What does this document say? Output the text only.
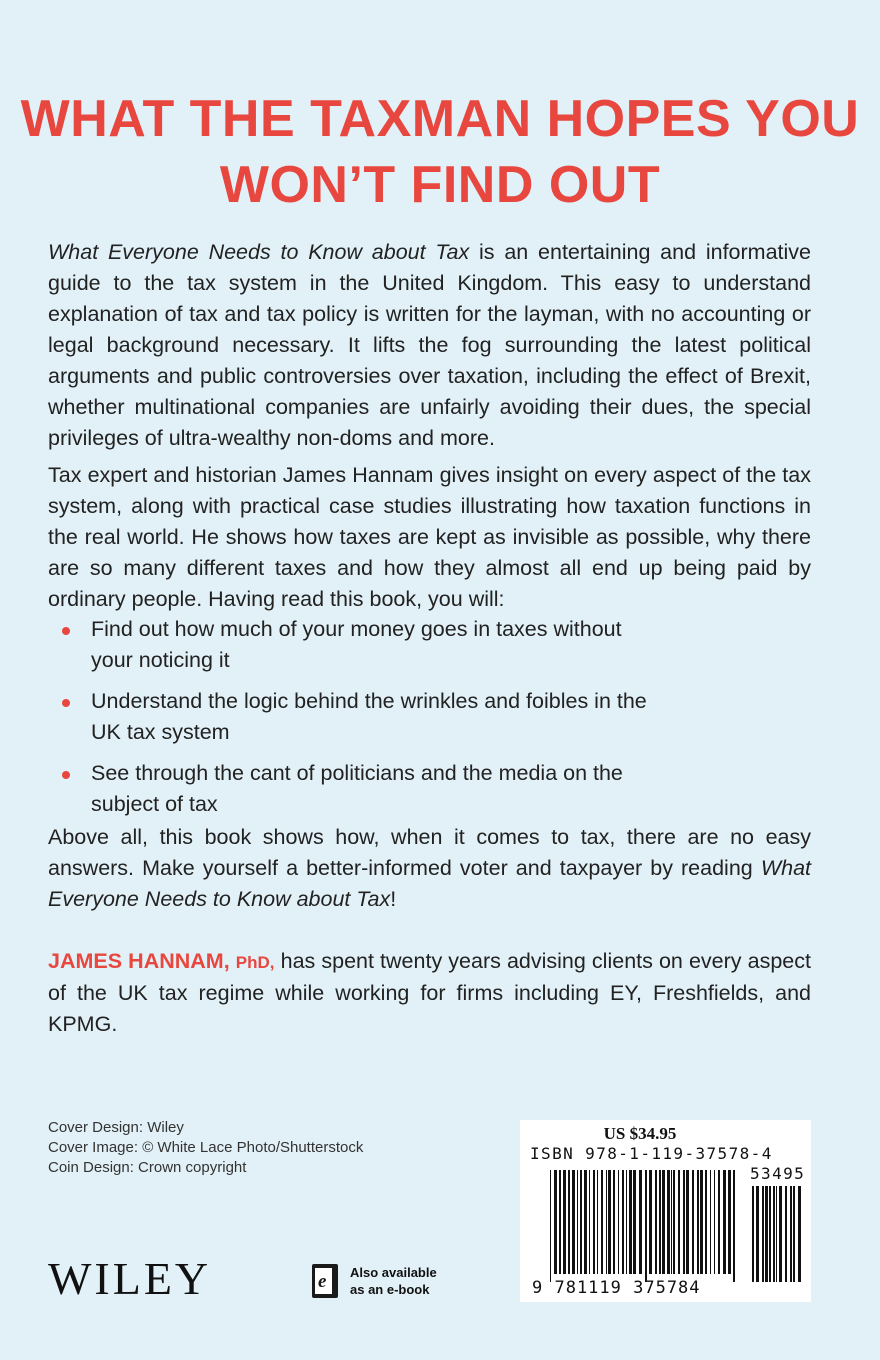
WHAT THE TAXMAN HOPES YOU
WON’T FIND OUT
What Everyone Needs to Know about Tax is an entertaining and informative guide to the tax system in the United Kingdom. This easy to understand explanation of tax and tax policy is written for the layman, with no accounting or legal background necessary. It lifts the fog surrounding the latest political arguments and public controversies over taxation, including the effect of Brexit, whether multinational companies are unfairly avoiding their dues, the special privileges of ultra-wealthy non-doms and more.
Tax expert and historian James Hannam gives insight on every aspect of the tax system, along with practical case studies illustrating how taxation functions in the real world. He shows how taxes are kept as invisible as possible, why there are so many different taxes and how they almost all end up being paid by ordinary people. Having read this book, you will:
Find out how much of your money goes in taxes without your noticing it
Understand the logic behind the wrinkles and foibles in the UK tax system
See through the cant of politicians and the media on the subject of tax
Above all, this book shows how, when it comes to tax, there are no easy answers. Make yourself a better-informed voter and taxpayer by reading What Everyone Needs to Know about Tax!
JAMES HANNAM, PhD, has spent twenty years advising clients on every aspect of the UK tax regime while working for firms including EY, Freshfields, and KPMG.
Cover Design: Wiley
Cover Image: © White Lace Photo/Shutterstock
Coin Design: Crown copyright
WILEY	e Also available
as an e-book
US $34.95
ISBN 978-1-119-37578-4
53495
9 781119 375784
